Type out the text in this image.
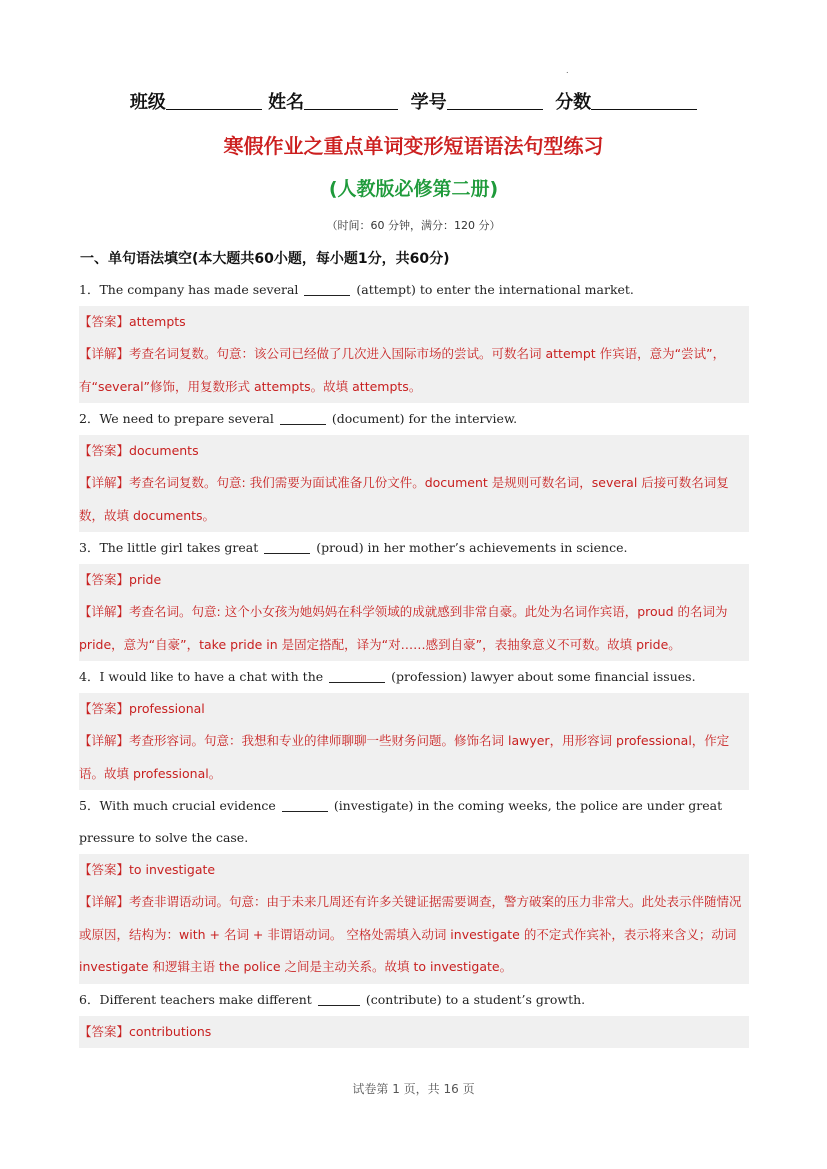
.
班级	姓名	学号	分数
寒假作业之重点单词变形短语语法句型练习
(人教版必修第二册)
（时间：60 分钟，满分：120 分）
一、单句语法填空(本大题共60小题，每小题1分，共60分)
1．The company has made several	(attempt) to enter the international market.
【答案】attempts
【详解】考查名词复数。句意：该公司已经做了几次进入国际市场的尝试。可数名词 attempt 作宾语，意为“尝试”，有“several”修饰，用复数形式 attempts。故填 attempts。
2．We need to prepare several	(document) for the interview.
【答案】documents
【详解】考查名词复数。句意: 我们需要为面试准备几份文件。document 是规则可数名词，several 后接可数名词复数，故填 documents。
3．The little girl takes great	(proud) in her mother’s achievements in science.
【答案】pride
【详解】考查名词。句意: 这个小女孩为她妈妈在科学领域的成就感到非常自豪。此处为名词作宾语，proud 的名词为 pride，意为“自豪”，take pride in 是固定搭配，译为“对……感到自豪”，表抽象意义不可数。故填 pride。
4．I would like to have a chat with the	(profession) lawyer about some financial issues.
【答案】professional
【详解】考查形容词。句意：我想和专业的律师聊聊一些财务问题。修饰名词 lawyer，用形容词 professional，作定语。故填 professional。
5．With much crucial evidence	(investigate) in the coming weeks, the police are under great pressure to solve the case.
【答案】to investigate
【详解】考查非谓语动词。句意：由于未来几周还有许多关键证据需要调查，警方破案的压力非常大。此处表示伴随情况或原因，结构为：with + 名词 + 非谓语动词。 空格处需填入动词 investigate 的不定式作宾补，表示将来含义；动词 investigate 和逻辑主语 the police 之间是主动关系。故填 to investigate。
6．Different teachers make different	(contribute) to a student’s growth.
【答案】contributions
试卷第 1 页，共 16 页
